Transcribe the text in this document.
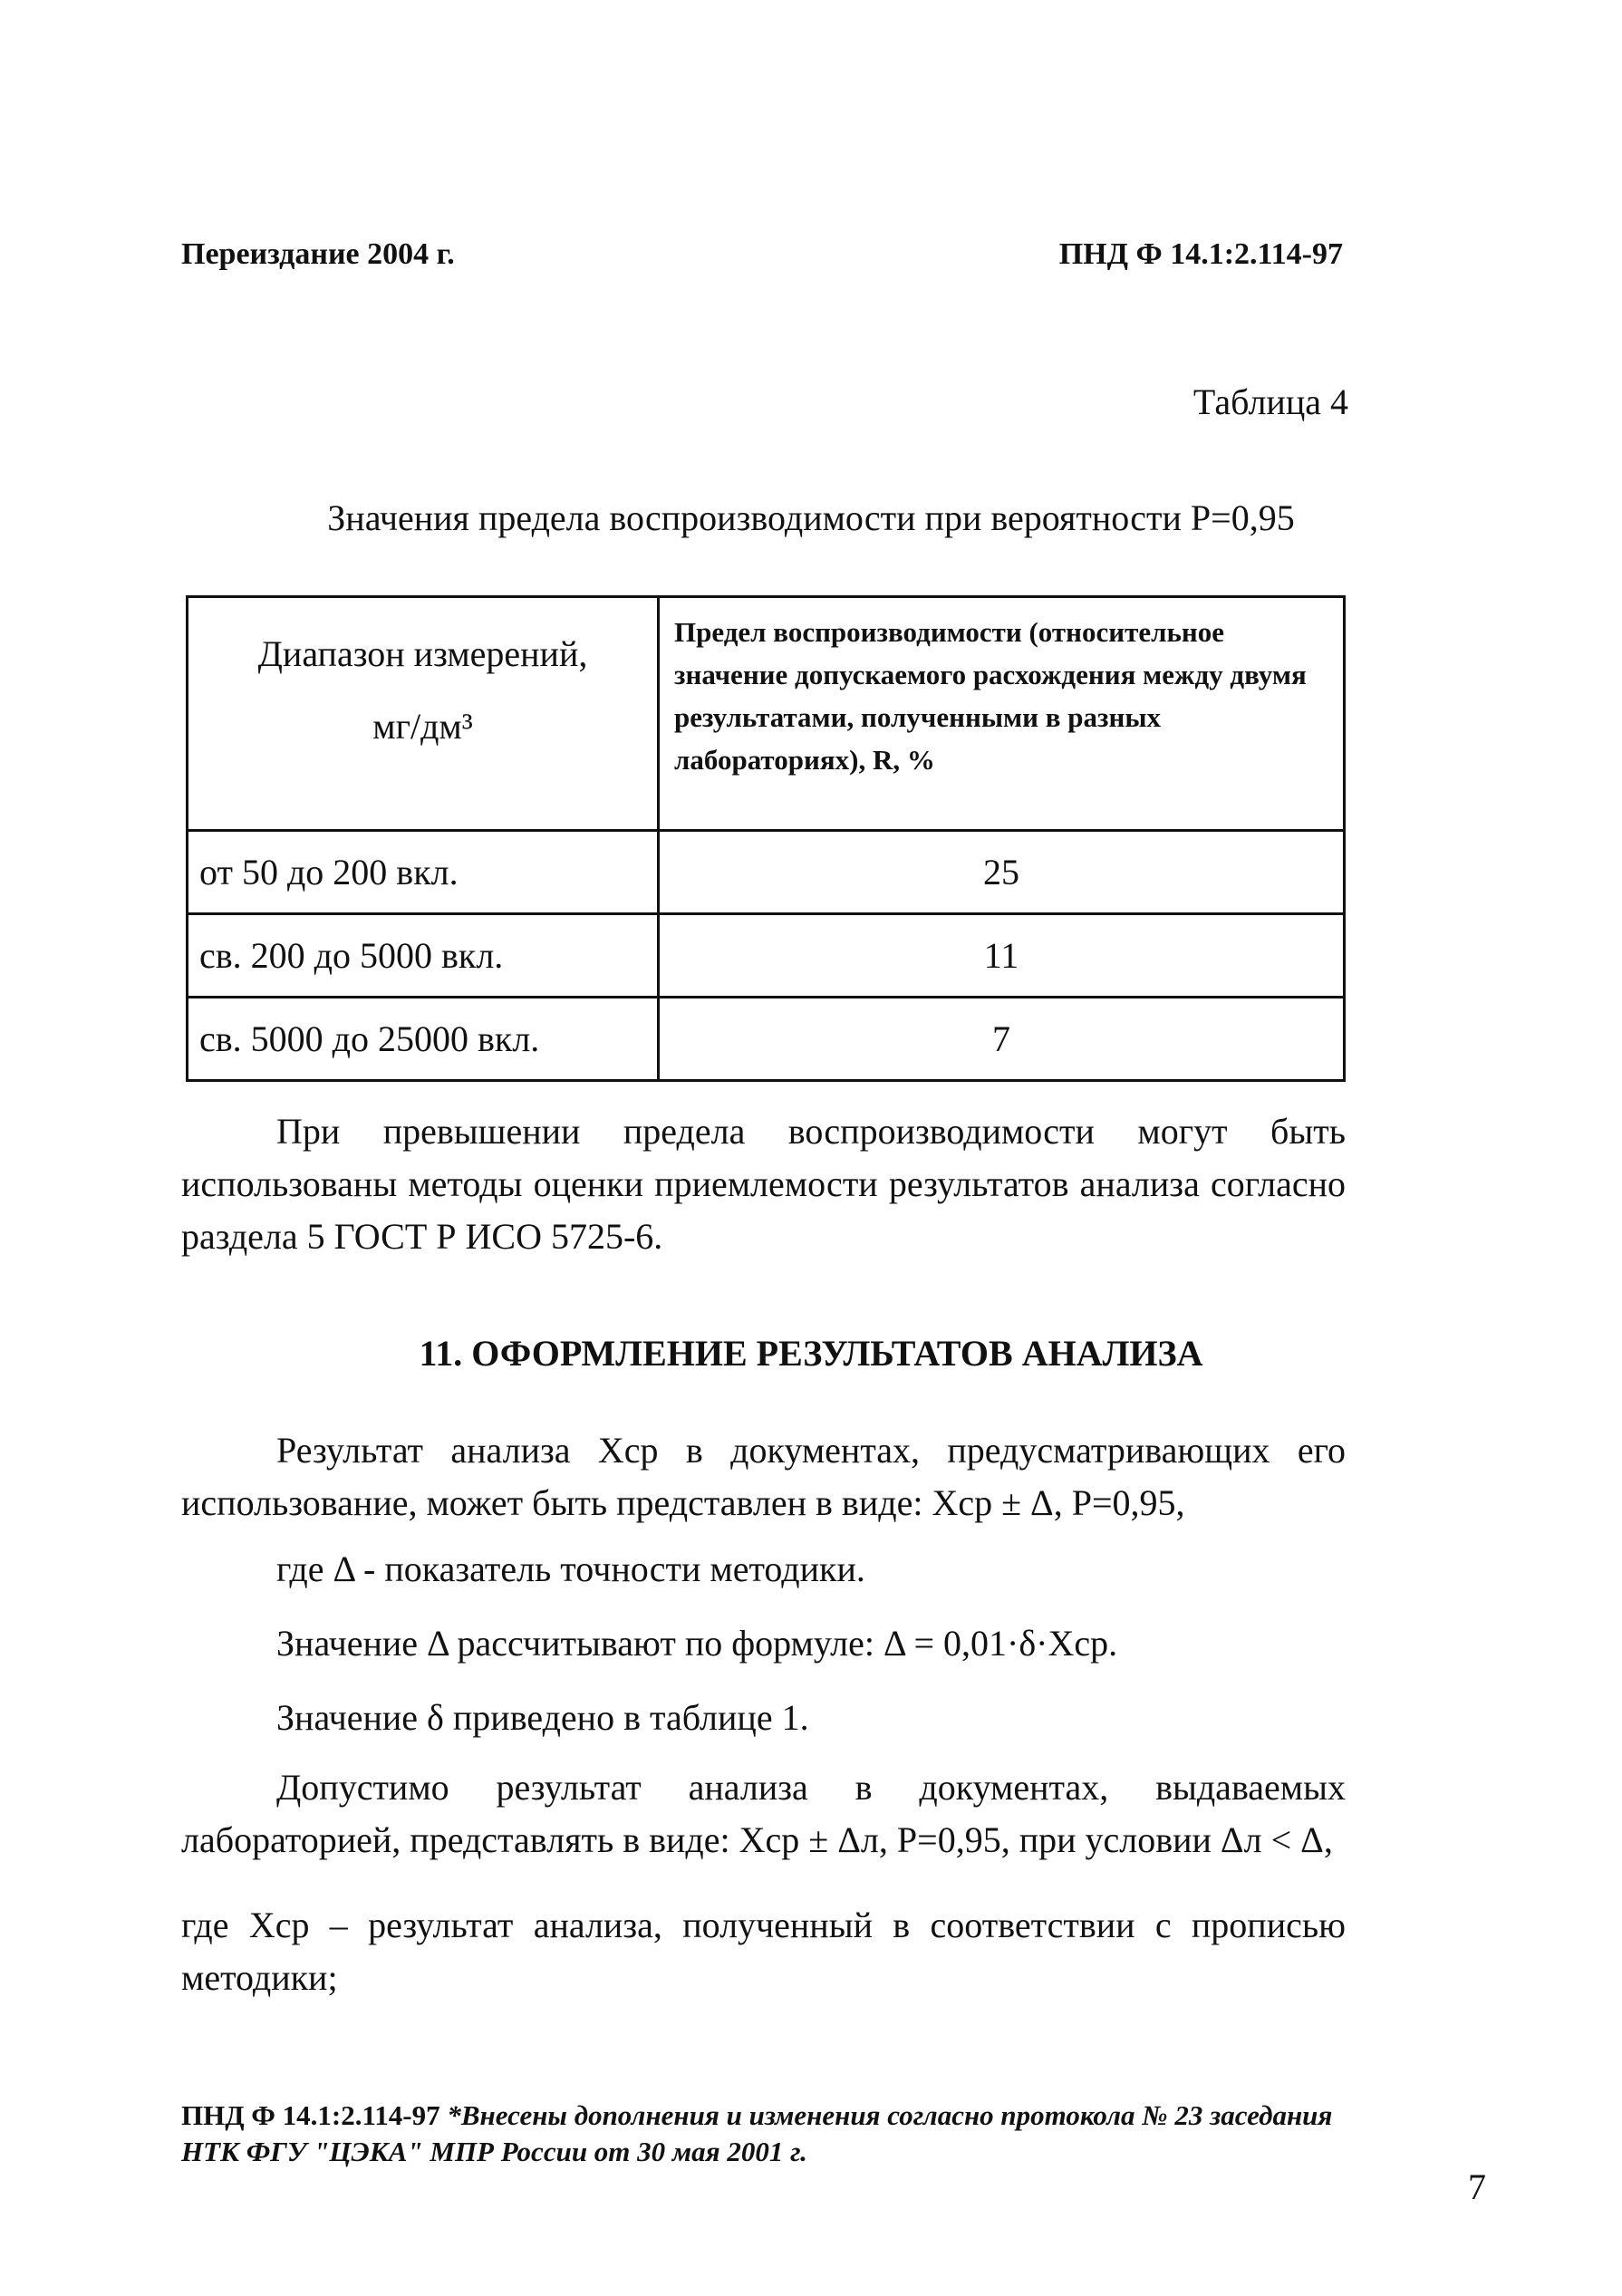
Переиздание 2004 г.	ПНД Ф 14.1:2.114-97
Таблица 4
Значения предела воспроизводимости при вероятности Р=0,95
Диапазон измерений,
мг/дм³	Предел воспроизводимости (относительное значение допускаемого расхождения между двумя результатами, полученными в разных лабораториях), R, %
от 50 до 200 вкл.	25
св. 200 до 5000 вкл.	11
св. 5000 до 25000 вкл.	7
При превышении предела воспроизводимости могут быть использованы методы оценки приемлемости результатов анализа согласно раздела 5 ГОСТ Р ИСО 5725-6.
11. ОФОРМЛЕНИЕ РЕЗУЛЬТАТОВ АНАЛИЗА
Результат анализа Xср в документах, предусматривающих его использование, может быть представлен в виде: Xср ± Δ, Р=0,95,
где Δ - показатель точности методики.
Значение Δ рассчитывают по формуле: Δ = 0,01·δ·Xср.
Значение δ приведено в таблице 1.
Допустимо результат анализа в документах, выдаваемых лабораторией, представлять в виде: Xср ± Δл, Р=0,95, при условии Δл < Δ,
где Xср – результат анализа, полученный в соответствии с прописью методики;
ПНД Ф 14.1:2.114-97 *Внесены дополнения и изменения согласно протокола № 23 заседания НТК ФГУ "ЦЭКА" МПР России от 30 мая 2001 г.
7
